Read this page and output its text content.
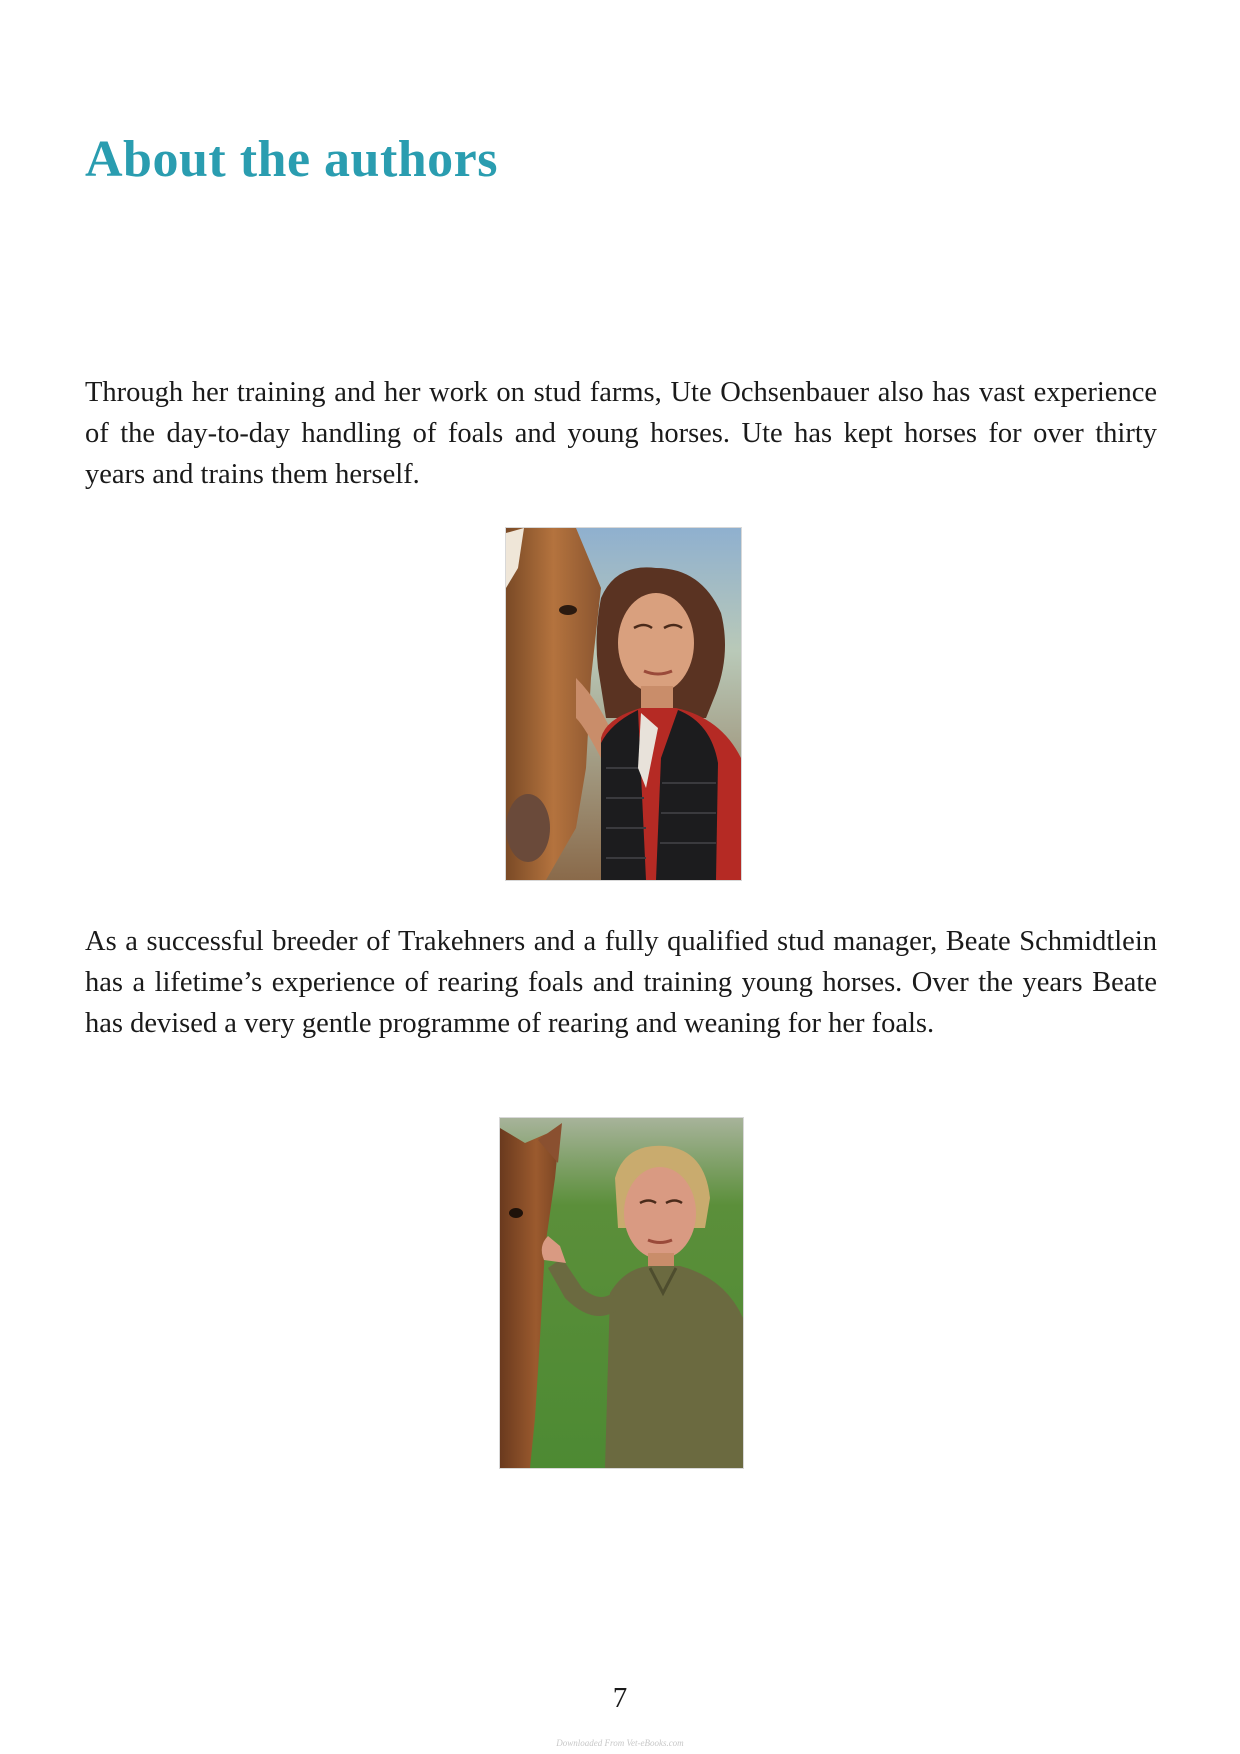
About the authors

Through her training and her work on stud farms, Ute Ochsenbauer also has vast experience of the day-to-day handling of foals and young horses. Ute has kept horses for over thirty years and trains them herself.

As a successful breeder of Trakehners and a fully qualified stud manager, Beate Schmidtlein has a lifetime’s experience of rearing foals and training young horses. Over the years Beate has devised a very gentle programme of rearing and weaning for her foals.

7
Downloaded From Vet-eBooks.com
